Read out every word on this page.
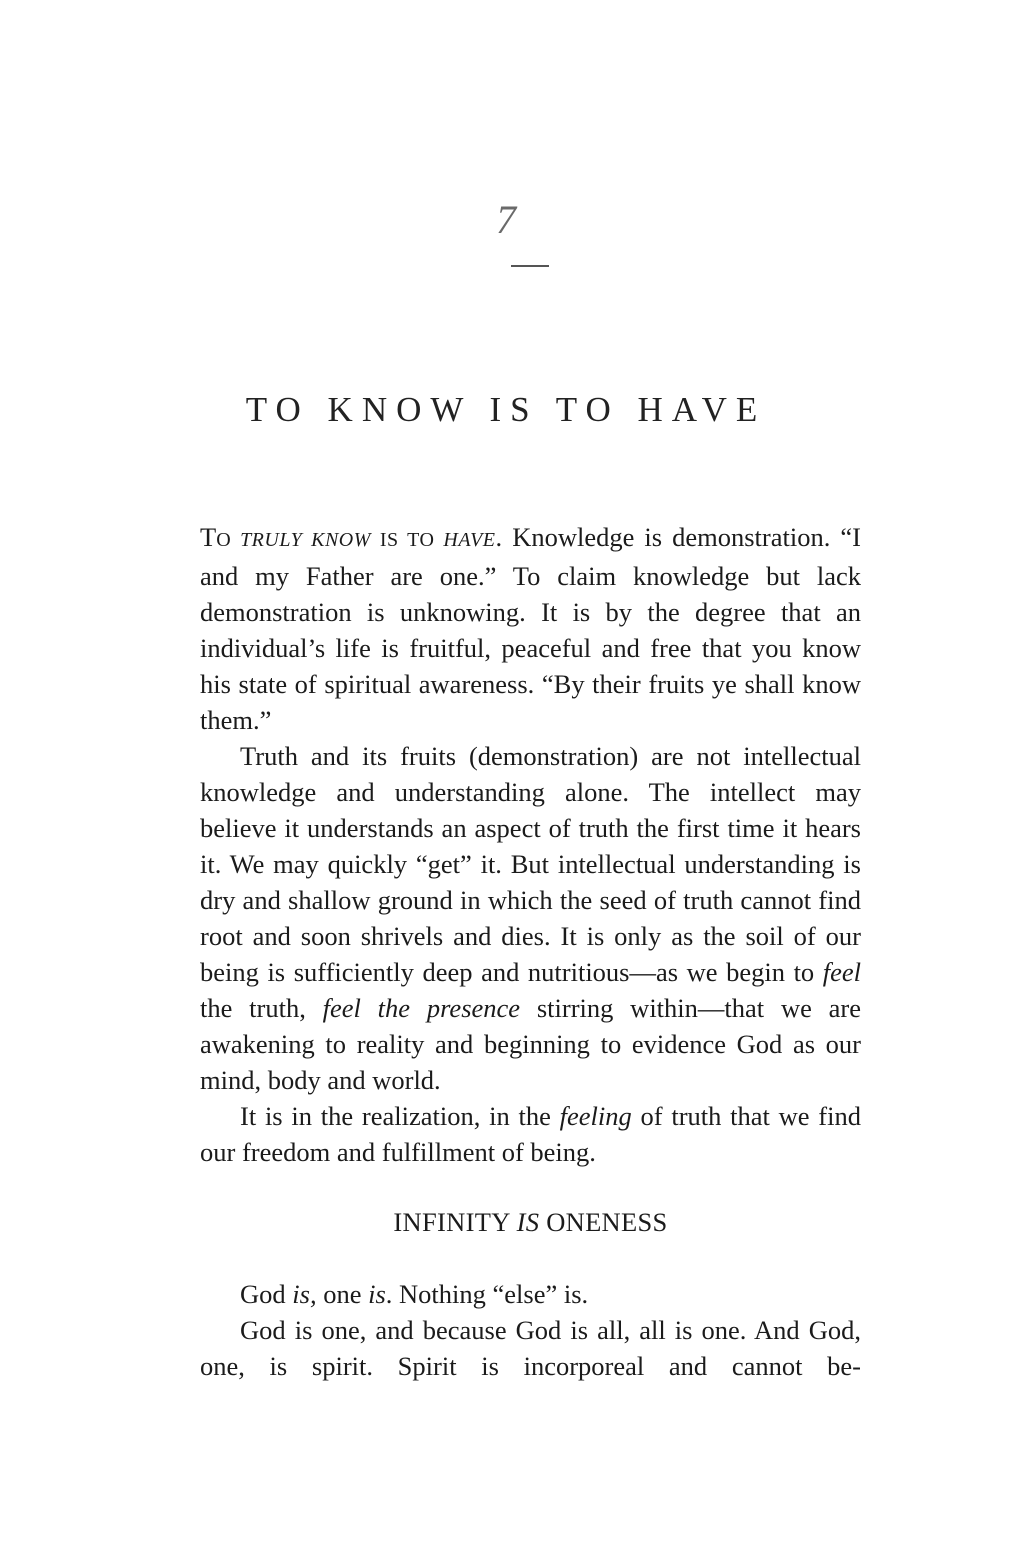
7
TO KNOW IS TO HAVE

TO TRULY KNOW IS TO HAVE. Knowledge is demonstration. “I and my Father are one.” To claim knowledge but lack demonstration is unknowing. It is by the degree that an individual’s life is fruitful, peaceful and free that you know his state of spiritual awareness. “By their fruits ye shall know them.”

Truth and its fruits (demonstration) are not intellectual knowledge and understanding alone. The intellect may believe it understands an aspect of truth the first time it hears it. We may quickly “get” it. But intellectual understanding is dry and shallow ground in which the seed of truth cannot find root and soon shrivels and dies. It is only as the soil of our being is sufficiently deep and nutritious—as we begin to feel the truth, feel the presence stirring within—that we are awakening to reality and beginning to evidence God as our mind, body and world.

It is in the realization, in the feeling of truth that we find our freedom and fulfillment of being.

INFINITY IS ONENESS

God is, one is. Nothing “else” is.

God is one, and because God is all, all is one. And God, one, is spirit. Spirit is incorporeal and cannot be-
